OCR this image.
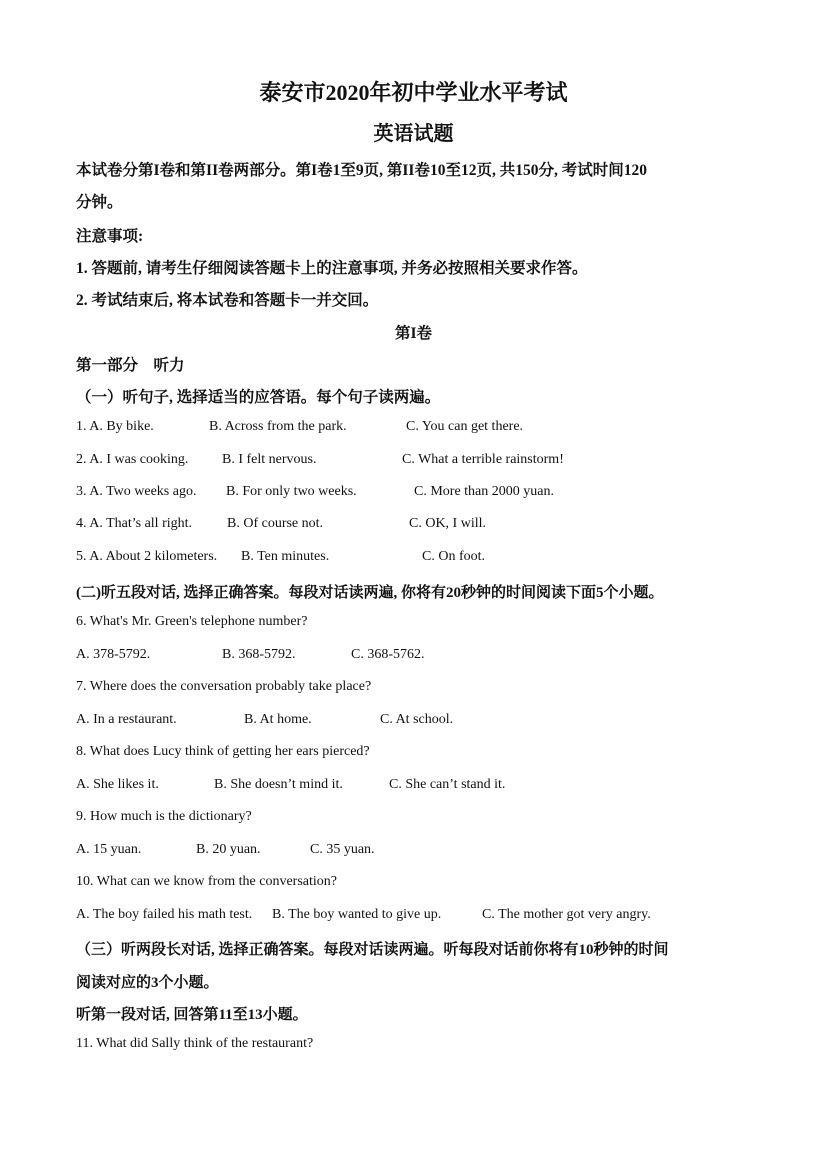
泰安市2020年初中学业水平考试
英语试题
本试卷分第I卷和第II卷两部分。第I卷1至9页, 第II卷10至12页, 共150分, 考试时间120
分钟。
注意事项:
1. 答题前, 请考生仔细阅读答题卡上的注意事项, 并务必按照相关要求作答。
2. 考试结束后, 将本试卷和答题卡一并交回。
第I卷
第一部分　听力
（一）听句子, 选择适当的应答语。每个句子读两遍。
1. A. By bike.	B. Across from the park.	C. You can get there.
2. A. I was cooking. B. I felt nervous.	C. What a terrible rainstorm!
3. A. Two weeks ago. B. For only two weeks.	C. More than 2000 yuan.
4. A. That’s all right. B. Of course not.	C. OK, I will.
5. A. About 2 kilometers. B. Ten minutes.	C. On foot.
(二)听五段对话, 选择正确答案。每段对话读两遍, 你将有20秒钟的时间阅读下面5个小题。
6. What's Mr. Green's telephone number?
A. 378-5792.	B. 368-5792.	C. 368-5762.
7. Where does the conversation probably take place?
A. In a restaurant.	B. At home.	C. At school.
8. What does Lucy think of getting her ears pierced?
A. She likes it.	B. She doesn’t mind it.	C. She can’t stand it.
9. How much is the dictionary?
A. 15 yuan.	B. 20 yuan.	C. 35 yuan.
10. What can we know from the conversation?
A. The boy failed his math test. B. The boy wanted to give up.	C. The mother got very angry.
（三）听两段长对话, 选择正确答案。每段对话读两遍。听每段对话前你将有10秒钟的时间
阅读对应的3个小题。
听第一段对话, 回答第11至13小题。
11. What did Sally think of the restaurant?
